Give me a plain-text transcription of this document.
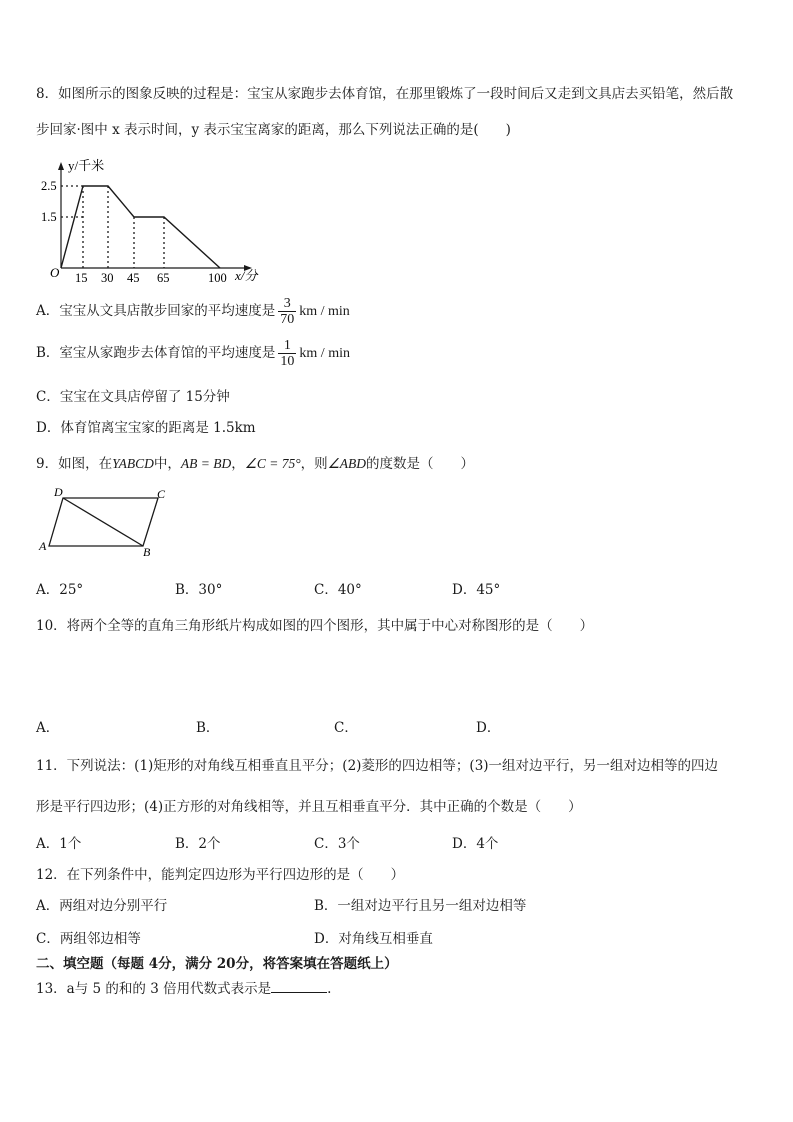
8．如图所示的图象反映的过程是：宝宝从家跑步去体育馆，在那里锻炼了一段时间后又走到文具店去买铅笔，然后散
步回家·图中 x 表示时间，y 表示宝宝离家的距离，那么下列说法正确的是(　　)
y/千米
x/分
O
2.5
1.5
15 30 45 65	100
A．宝宝从文具店散步回家的平均速度是 $\frac{3}{70}$ km / min
B．室宝从家跑步去体育馆的平均速度是 $\frac{1}{10}$ km / min
C．宝宝在文具店停留了 15分钟
D．体育馆离宝宝家的距离是 1.5km
9．如图，在YABCD中，AB = BD，∠C = 75°，则∠ABD的度数是（　　）
D	C
A	B
A．25°	B．30°	C．40°	D．45°
10．将两个全等的直角三角形纸片构成如图的四个图形，其中属于中心对称图形的是（　　）
A．	B．	C．	D．
11．下列说法：(1)矩形的对角线互相垂直且平分；(2)菱形的四边相等；(3)一组对边平行，另一组对边相等的四边
形是平行四边形；(4)正方形的对角线相等，并且互相垂直平分．其中正确的个数是（　　）
A．1个	B．2个	C．3个	D．4个
12．在下列条件中，能判定四边形为平行四边形的是（　　）
A．两组对边分别平行	B．一组对边平行且另一组对边相等
C．两组邻边相等	D．对角线互相垂直
二、填空题（每题 4分，满分 20分，将答案填在答题纸上）
13．a与 5 的和的 3 倍用代数式表示是	.
